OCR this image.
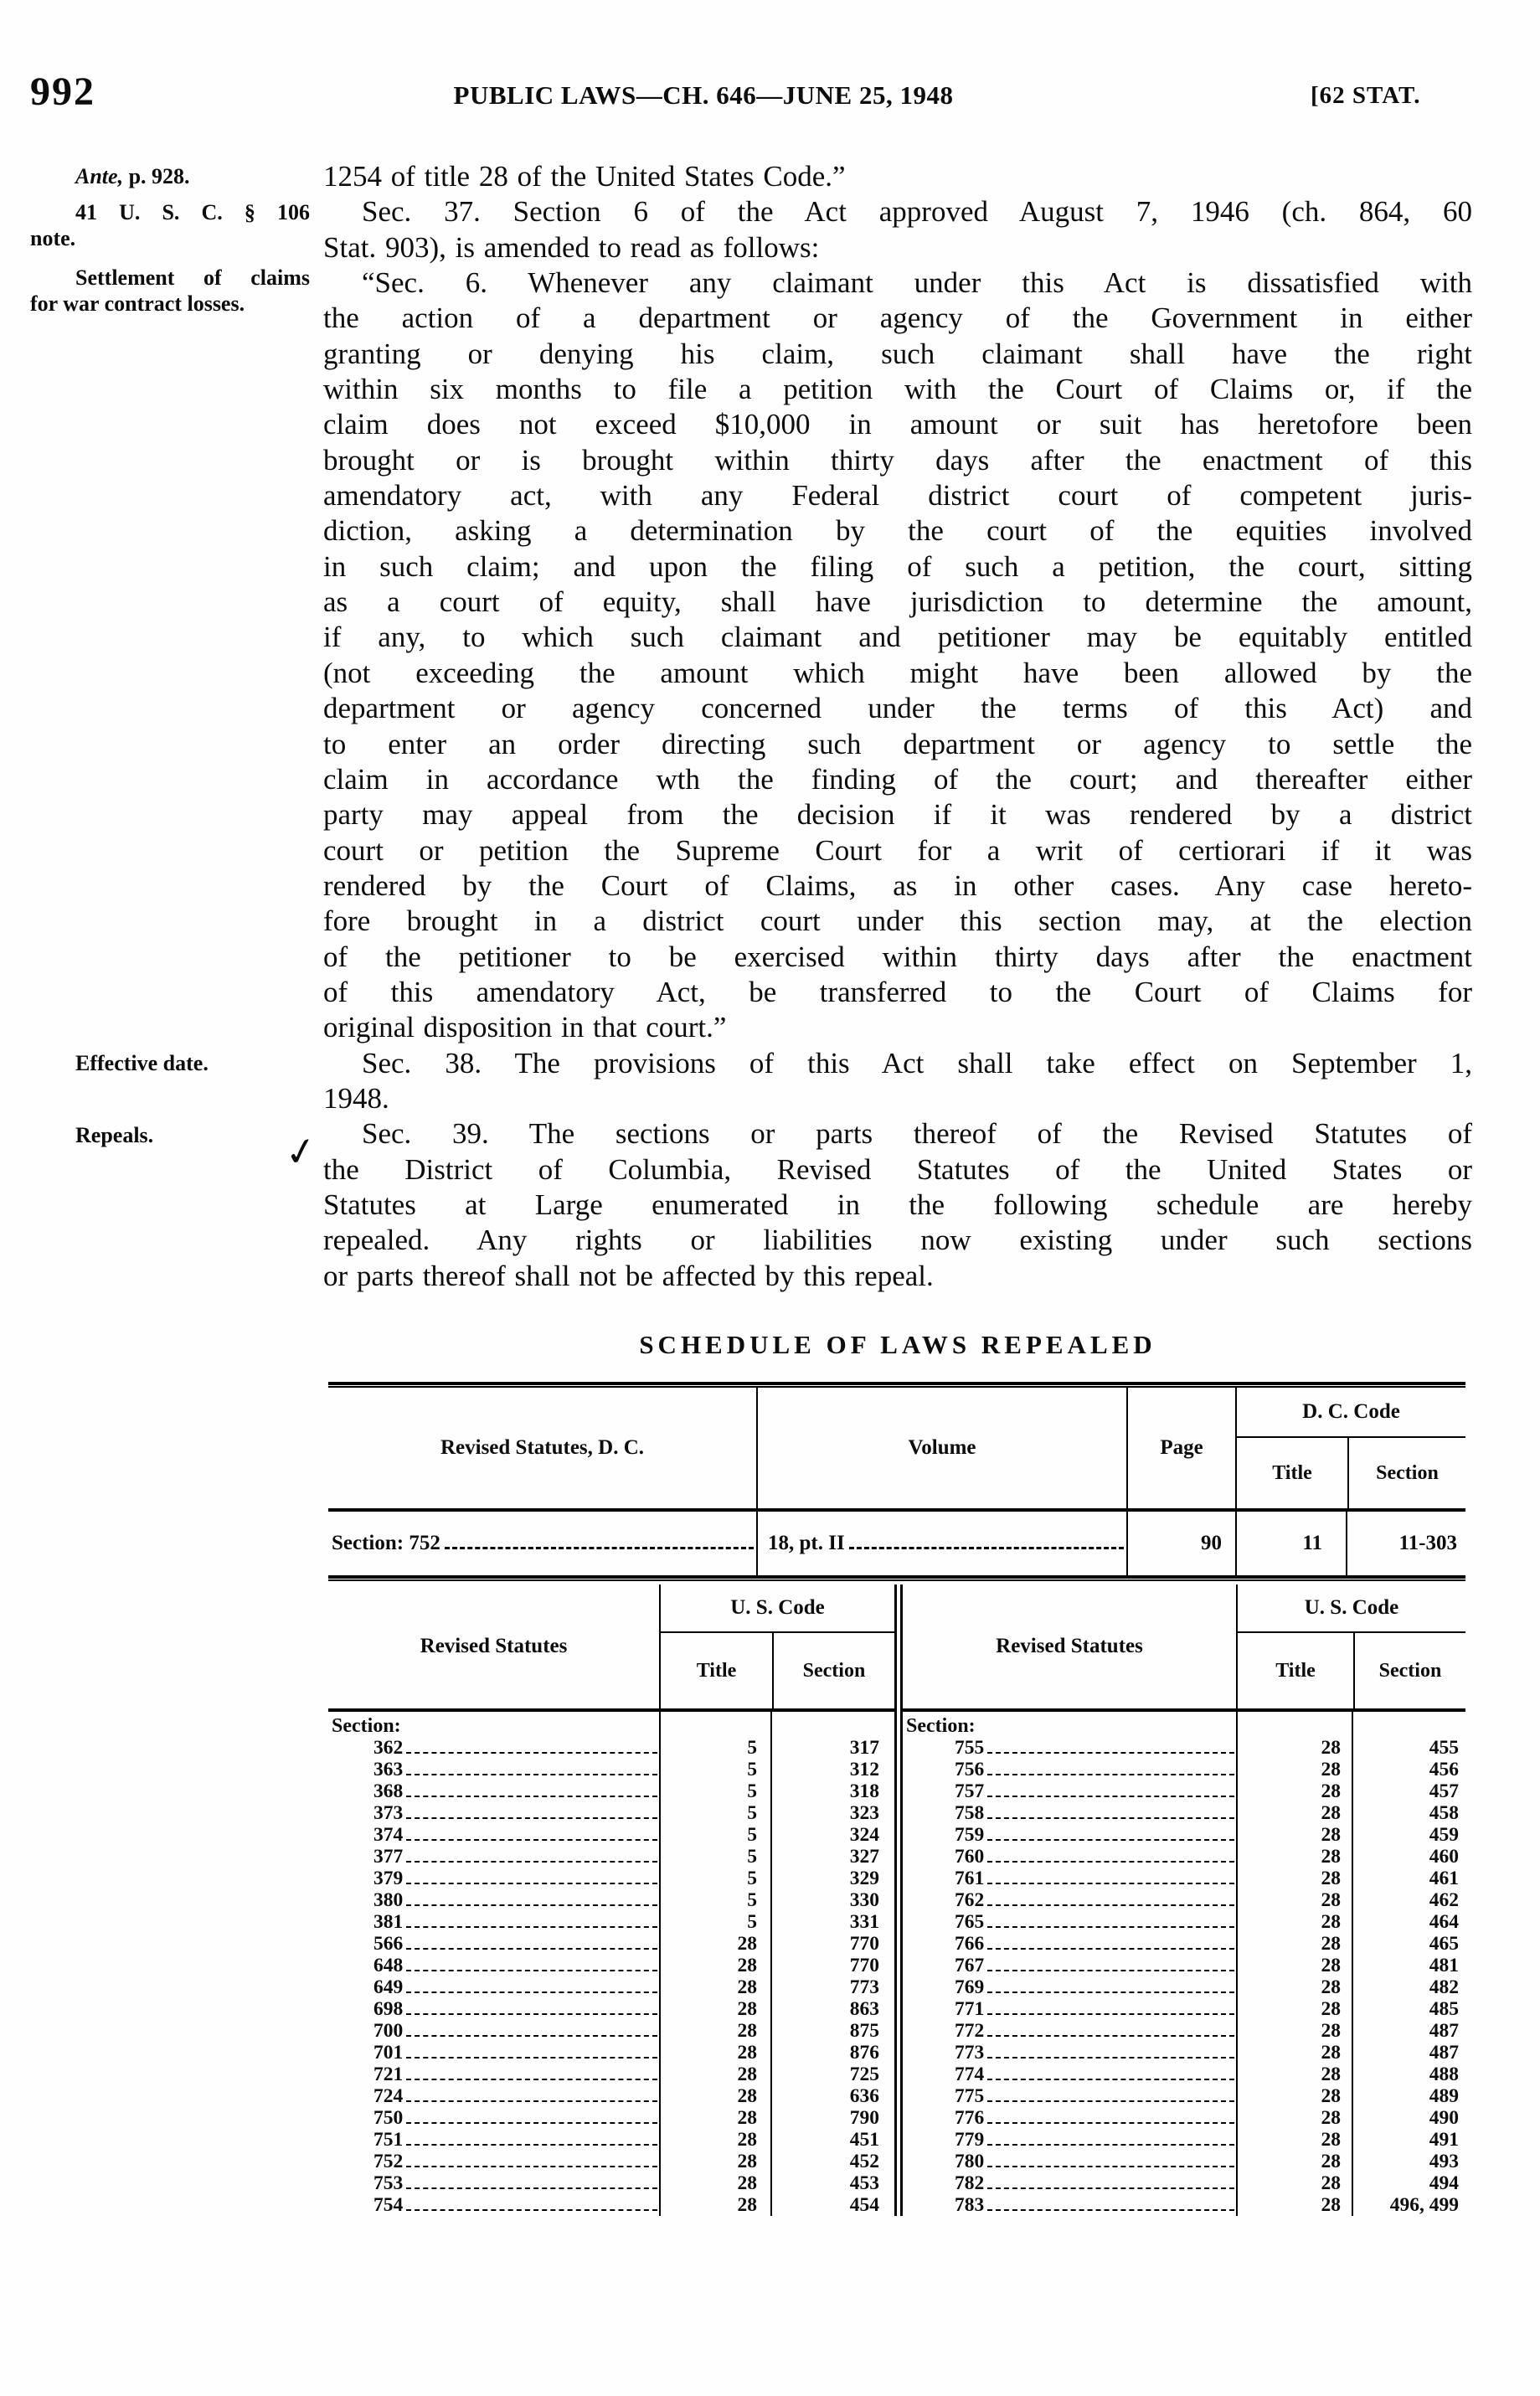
992	PUBLIC LAWS—CH. 646—JUNE 25, 1948	[62 STAT.
Ante, p. 928.
41 U. S. C. § 106
note.
Settlement of claims
for war contract losses.
Effective date.
Repeals.	✓
1254 of title 28 of the United States Code.”
Sec. 37. Section 6 of the Act approved August 7, 1946 (ch. 864, 60
Stat. 903), is amended to read as follows:
“Sec. 6. Whenever any claimant under this Act is dissatisfied with
the action of a department or agency of the Government in either
granting or denying his claim, such claimant shall have the right
within six months to file a petition with the Court of Claims or, if the
claim does not exceed $10,000 in amount or suit has heretofore been
brought or is brought within thirty days after the enactment of this
amendatory act, with any Federal district court of competent juris-
diction, asking a determination by the court of the equities involved
in such claim; and upon the filing of such a petition, the court, sitting
as a court of equity, shall have jurisdiction to determine the amount,
if any, to which such claimant and petitioner may be equitably entitled
(not exceeding the amount which might have been allowed by the
department or agency concerned under the terms of this Act) and
to enter an order directing such department or agency to settle the
claim in accordance wth the finding of the court; and thereafter either
party may appeal from the decision if it was rendered by a district
court or petition the Supreme Court for a writ of certiorari if it was
rendered by the Court of Claims, as in other cases. Any case hereto-
fore brought in a district court under this section may, at the election
of the petitioner to be exercised within thirty days after the enactment
of this amendatory Act, be transferred to the Court of Claims for
original disposition in that court.”
Sec. 38. The provisions of this Act shall take effect on September 1,
1948.
Sec. 39. The sections or parts thereof of the Revised Statutes of
the District of Columbia, Revised Statutes of the United States or
Statutes at Large enumerated in the following schedule are hereby
repealed. Any rights or liabilities now existing under such sections
or parts thereof shall not be affected by this repeal.
SCHEDULE OF LAWS REPEALED
Revised Statutes, D. C.	Volume	Page
D. C. Code
Title	Section
Section: 752	18, pt. II	90	11	11-303
Revised Statutes
U. S. Code
Title	Section
Section:
362	5	317
363	5	312
368	5	318
373	5	323
374	5	324
377	5	327
379	5	329
380	5	330
381	5	331
566	28	770
648	28	770
649	28	773
698	28	863
700	28	875
701	28	876
721	28	725
724	28	636
750	28	790
751	28	451
752	28	452
753	28	453
754	28	454
Revised Statutes
U. S. Code
Title	Section
Section:
755	28	455
756	28	456
757	28	457
758	28	458
759	28	459
760	28	460
761	28	461
762	28	462
765	28	464
766	28	465
767	28	481
769	28	482
771	28	485
772	28	487
773	28	487
774	28	488
775	28	489
776	28	490
779	28	491
780	28	493
782	28	494
783	28	496, 499
